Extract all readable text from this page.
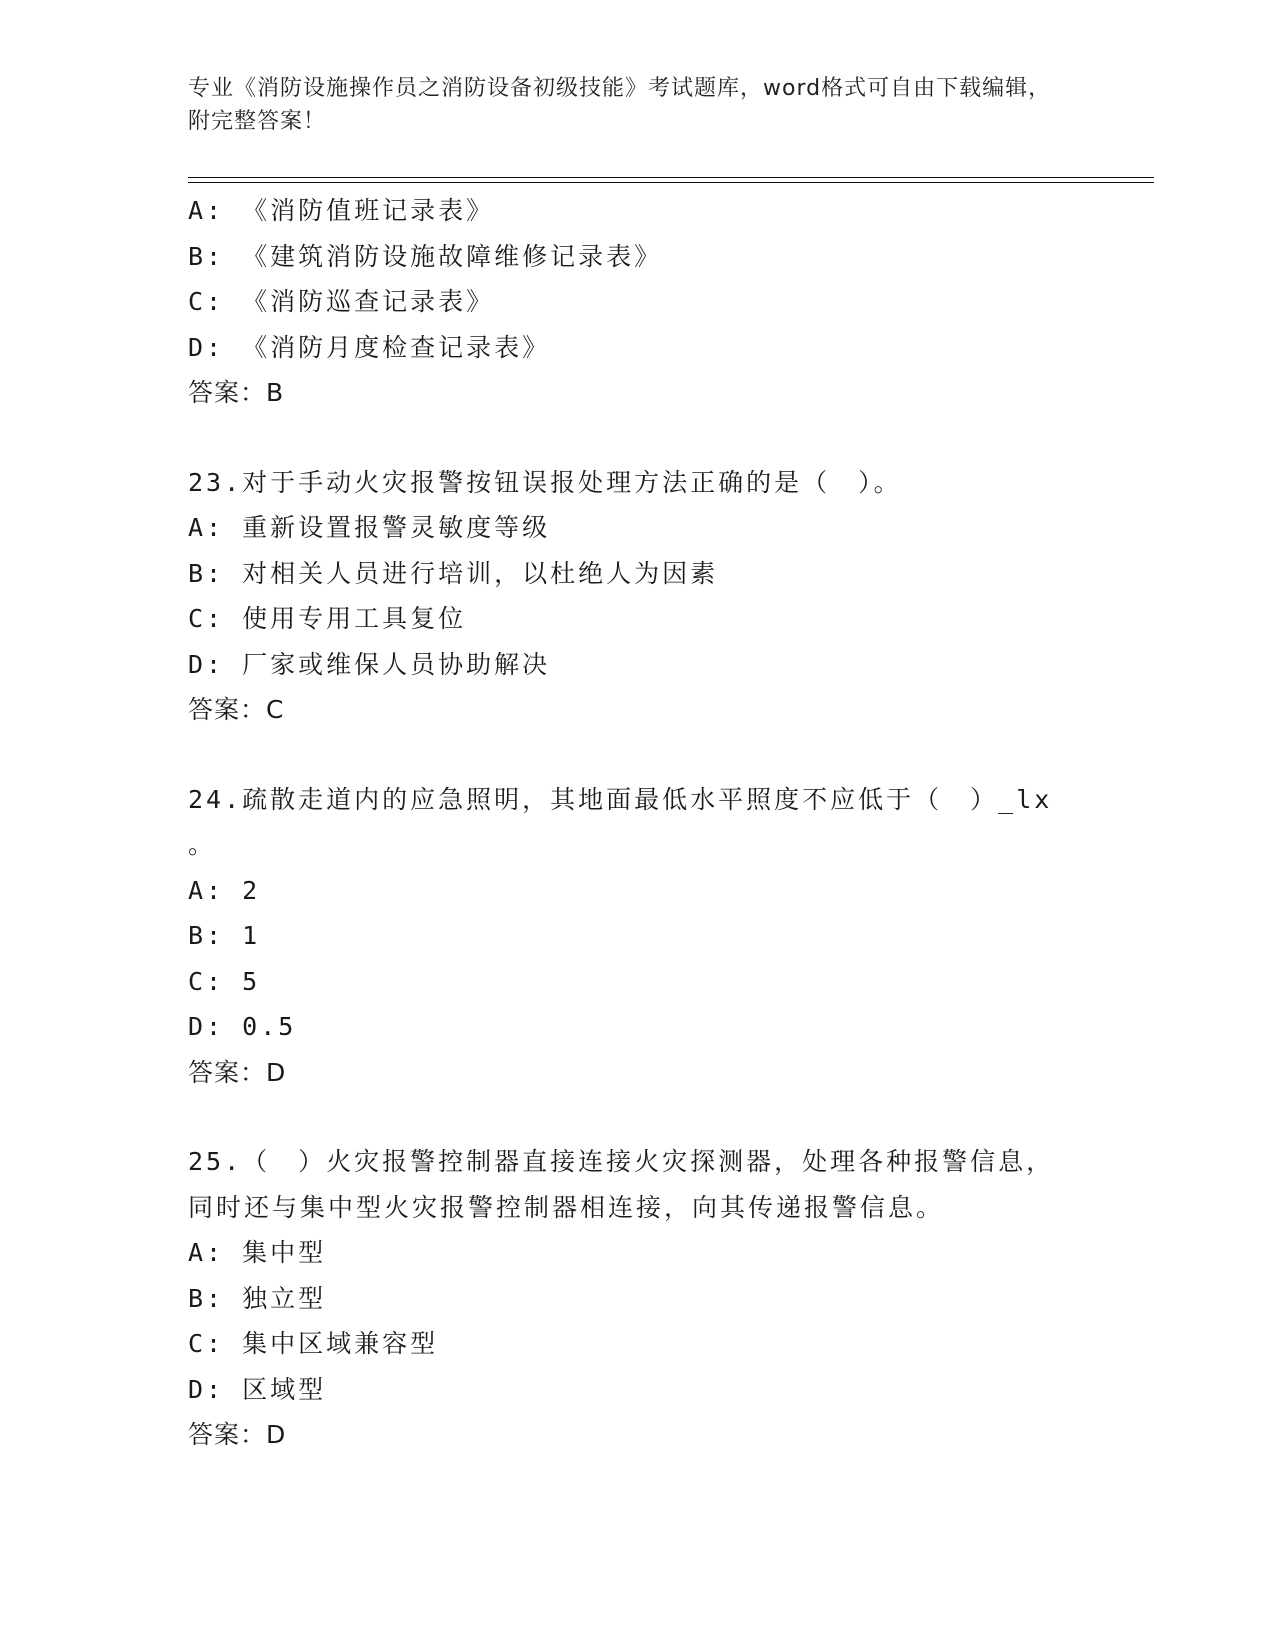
专业《消防设施操作员之消防设备初级技能》考试题库，word格式可自由下载编辑，附完整答案！
A: 《消防值班记录表》
B: 《建筑消防设施故障维修记录表》
C: 《消防巡查记录表》
D: 《消防月度检查记录表》
答案：B
23.对于手动火灾报警按钮误报处理方法正确的是（　）。
A: 重新设置报警灵敏度等级
B: 对相关人员进行培训，以杜绝人为因素
C: 使用专用工具复位
D: 厂家或维保人员协助解决
答案：C
24.疏散走道内的应急照明，其地面最低水平照度不应低于（　）_lx​。
A: 2
B: 1
C: 5
D: 0.5
答案：D
25.（　）火灾报警控制器直接连接火灾探测器，处理各种报警信息，同时还与集中型火灾报警控制器相连接，向其传递报警信息。
A: 集中型
B: 独立型
C: 集中区域兼容型
D: 区域型
答案：D
